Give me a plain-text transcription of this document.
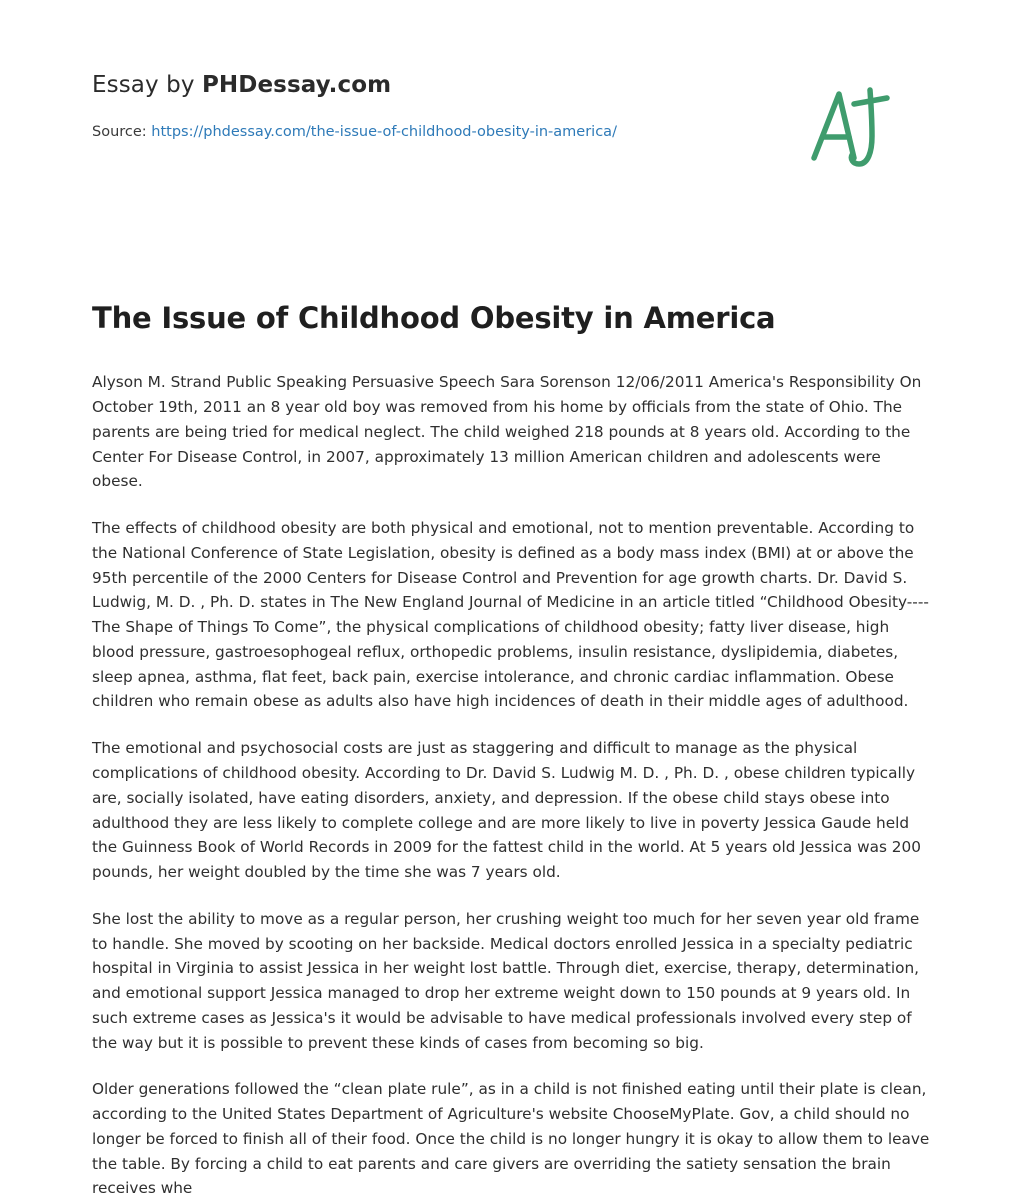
Essay by PHDessay.com

Source: https://phdessay.com/the-issue-of-childhood-obesity-in-america/

The Issue of Childhood Obesity in America

Alyson M. Strand Public Speaking Persuasive Speech Sara Sorenson 12/06/2011 America's Responsibility On October 19th, 2011 an 8 year old boy was removed from his home by officials from the state of Ohio. The parents are being tried for medical neglect. The child weighed 218 pounds at 8 years old. According to the Center For Disease Control, in 2007, approximately 13 million American children and adolescents were obese.

The effects of childhood obesity are both physical and emotional, not to mention preventable. According to the National Conference of State Legislation, obesity is defined as a body mass index (BMI) at or above the 95th percentile of the 2000 Centers for Disease Control and Prevention for age growth charts. Dr. David S. Ludwig, M. D. , Ph. D. states in The New England Journal of Medicine in an article titled “Childhood Obesity---- The Shape of Things To Come”, the physical complications of childhood obesity; fatty liver disease, high blood pressure, gastroesophogeal reflux, orthopedic problems, insulin resistance, dyslipidemia, diabetes, sleep apnea, asthma, flat feet, back pain, exercise intolerance, and chronic cardiac inflammation. Obese children who remain obese as adults also have high incidences of death in their middle ages of adulthood.

The emotional and psychosocial costs are just as staggering and difficult to manage as the physical complications of childhood obesity. According to Dr. David S. Ludwig M. D. , Ph. D. , obese children typically are, socially isolated, have eating disorders, anxiety, and depression. If the obese child stays obese into adulthood they are less likely to complete college and are more likely to live in poverty Jessica Gaude held the Guinness Book of World Records in 2009 for the fattest child in the world. At 5 years old Jessica was 200 pounds, her weight doubled by the time she was 7 years old.

She lost the ability to move as a regular person, her crushing weight too much for her seven year old frame to handle. She moved by scooting on her backside. Medical doctors enrolled Jessica in a specialty pediatric hospital in Virginia to assist Jessica in her weight lost battle. Through diet, exercise, therapy, determination, and emotional support Jessica managed to drop her extreme weight down to 150 pounds at 9 years old. In such extreme cases as Jessica's it would be advisable to have medical professionals involved every step of the way but it is possible to prevent these kinds of cases from becoming so big.

Older generations followed the “clean plate rule”, as in a child is not finished eating until their plate is clean, according to the United States Department of Agriculture's website ChooseMyPlate. Gov, a child should no longer be forced to finish all of their food. Once the child is no longer hungry it is okay to allow them to leave the table. By forcing a child to eat parents and care givers are overriding the satiety sensation the brain receives whe
